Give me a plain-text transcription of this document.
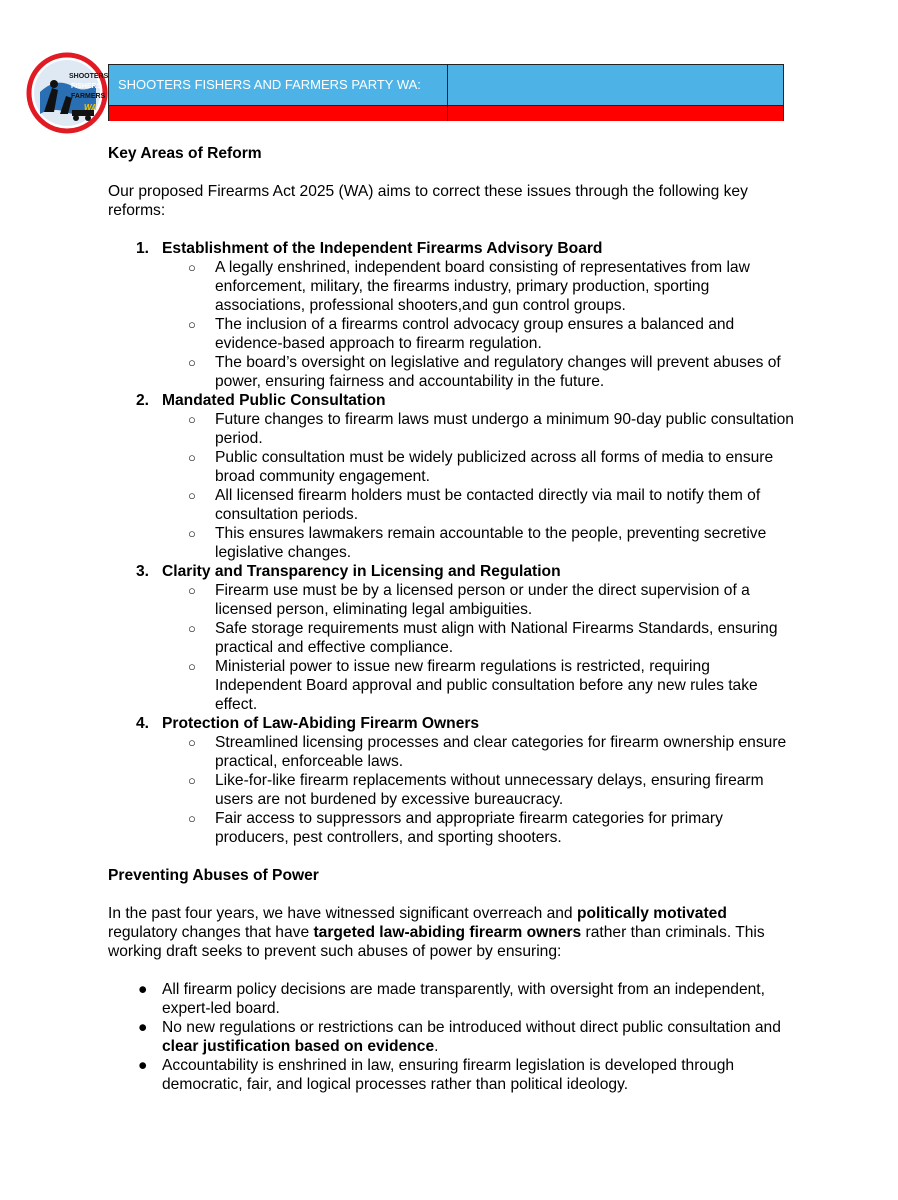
SHOOTERS
FISHERS
FARMERS
WA
SHOOTERS FISHERS AND FARMERS PARTY WA:

Key Areas of Reform

Our proposed Firearms Act 2025 (WA) aims to correct these issues through the following key reforms:

1. Establishment of the Independent Firearms Advisory Board
○ A legally enshrined, independent board consisting of representatives from law enforcement, military, the firearms industry, primary production, sporting associations, professional shooters,and gun control groups.
○ The inclusion of a firearms control advocacy group ensures a balanced and evidence-based approach to firearm regulation.
○ The board’s oversight on legislative and regulatory changes will prevent abuses of power, ensuring fairness and accountability in the future.
2. Mandated Public Consultation
○ Future changes to firearm laws must undergo a minimum 90-day public consultation period.
○ Public consultation must be widely publicized across all forms of media to ensure broad community engagement.
○ All licensed firearm holders must be contacted directly via mail to notify them of consultation periods.
○ This ensures lawmakers remain accountable to the people, preventing secretive legislative changes.
3. Clarity and Transparency in Licensing and Regulation
○ Firearm use must be by a licensed person or under the direct supervision of a licensed person, eliminating legal ambiguities.
○ Safe storage requirements must align with National Firearms Standards, ensuring practical and effective compliance.
○ Ministerial power to issue new firearm regulations is restricted, requiring Independent Board approval and public consultation before any new rules take effect.
4. Protection of Law-Abiding Firearm Owners
○ Streamlined licensing processes and clear categories for firearm ownership ensure practical, enforceable laws.
○ Like-for-like firearm replacements without unnecessary delays, ensuring firearm users are not burdened by excessive bureaucracy.
○ Fair access to suppressors and appropriate firearm categories for primary producers, pest controllers, and sporting shooters.

Preventing Abuses of Power

In the past four years, we have witnessed significant overreach and politically motivated regulatory changes that have targeted law-abiding firearm owners rather than criminals. This working draft seeks to prevent such abuses of power by ensuring:

● All firearm policy decisions are made transparently, with oversight from an independent, expert-led board.
● No new regulations or restrictions can be introduced without direct public consultation and clear justification based on evidence.
● Accountability is enshrined in law, ensuring firearm legislation is developed through democratic, fair, and logical processes rather than political ideology.
